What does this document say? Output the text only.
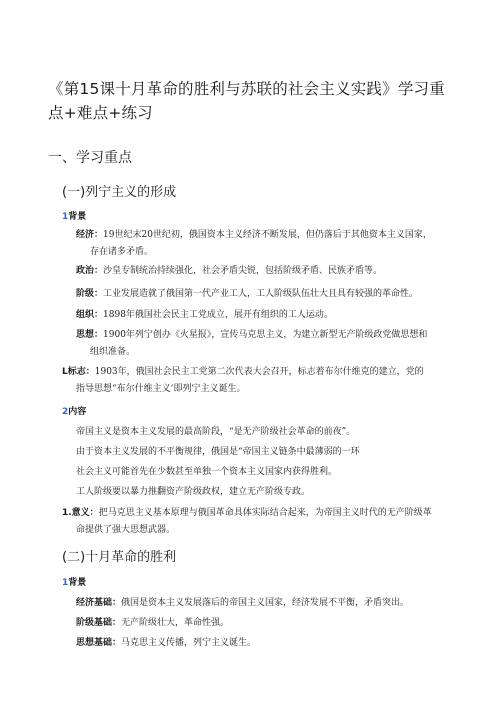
《第15课十月革命的胜利与苏联的社会主义实践》学习重
点+难点+练习
一、学习重点
(一)列宁主义的形成
1背景
经济：19世纪末20世纪初，俄国资本主义经济不断发展，但仍落后于其他资本主义国家，
存在诸多矛盾。
政治：沙皇专制统治持续强化，社会矛盾尖锐，包括阶级矛盾、民族矛盾等。
阶级：工业发展造就了俄国第一代产业工人，工人阶级队伍壮大且具有较强的革命性。
组织：1898年俄国社会民主工党成立，展开有组织的工人运动。
思想：1900年列宁创办《火星报》，宣传马克思主义，为建立新型无产阶级政党做思想和
组织准备。
L标志：1903年，俄国社会民主工党第二次代表大会召开，标志着布尔什维克的建立，党的
指导思想“布尔什维主义‘即列宁主义诞生。
2内容
帝国主义是资本主义发展的最高阶段，“是无产阶级社会革命的前夜”。
由于资本主义发展的不平衡规律，俄国是“帝国主义链条中最薄弱的一环
社会主义可能首先在少数甚至单独一个资本主义国家内获得胜利。
工人阶级要以暴力推翻资产阶级政权，建立无产阶级专政。
1.意义：把马克思主义基本原理与俄国革命具体实际结合起来，为帝国主义时代的无产阶级革
命提供了强大思想武器。
(二)十月革命的胜利
1背景
经济基础：俄国是资本主义发展落后的帝国主义国家，经济发展不平衡，矛盾突出。
阶级基础：无产阶级壮大，革命性强。
思想基础：马克思主义传播，列宁主义诞生。
